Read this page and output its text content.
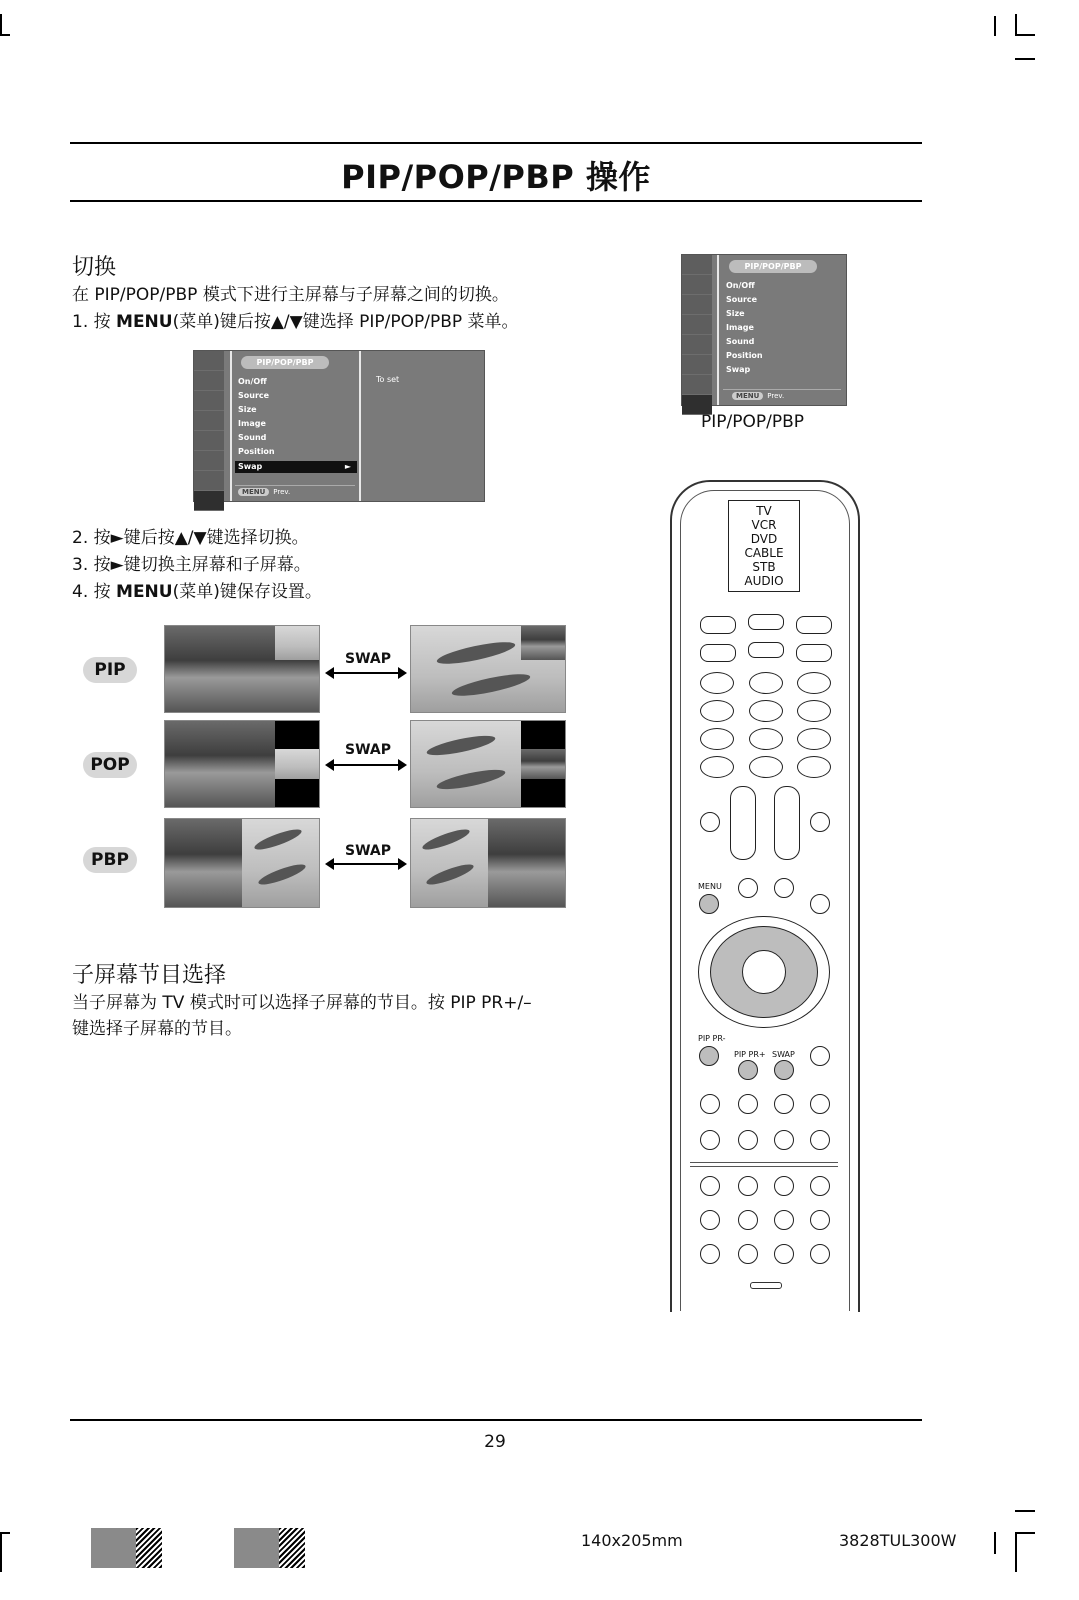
PIP/POP/PBP 操作
切换
在 PIP/POP/PBP 模式下进行主屏幕与子屏幕之间的切换。
1. 按 MENU(菜单)键后按▲/▼键选择 PIP/POP/PBP 菜单。
PIP/POP/PBP
On/Off
Source
Size
Image
Sound
Position
Swap	►
To set
MENU Prev.
2. 按►键后按▲/▼键选择切换。
3. 按►键切换主屏幕和子屏幕。
4. 按 MENU(菜单)键保存设置。
PIP
SWAP
POP
SWAP
PBP	SWAP
子屏幕节目选择
当子屏幕为 TV 模式时可以选择子屏幕的节目。按 PIP PR+/–
键选择子屏幕的节目。
PIP/POP/PBP
On/Off
Source
Size
Image
Sound
Position
Swap
MENU Prev.
PIP/POP/PBP
TV
VCR
DVD
CABLE
STB
AUDIO
MENU
PIP PR-
PIP PR+ SWAP
29
140x205mm	3828TUL300W
